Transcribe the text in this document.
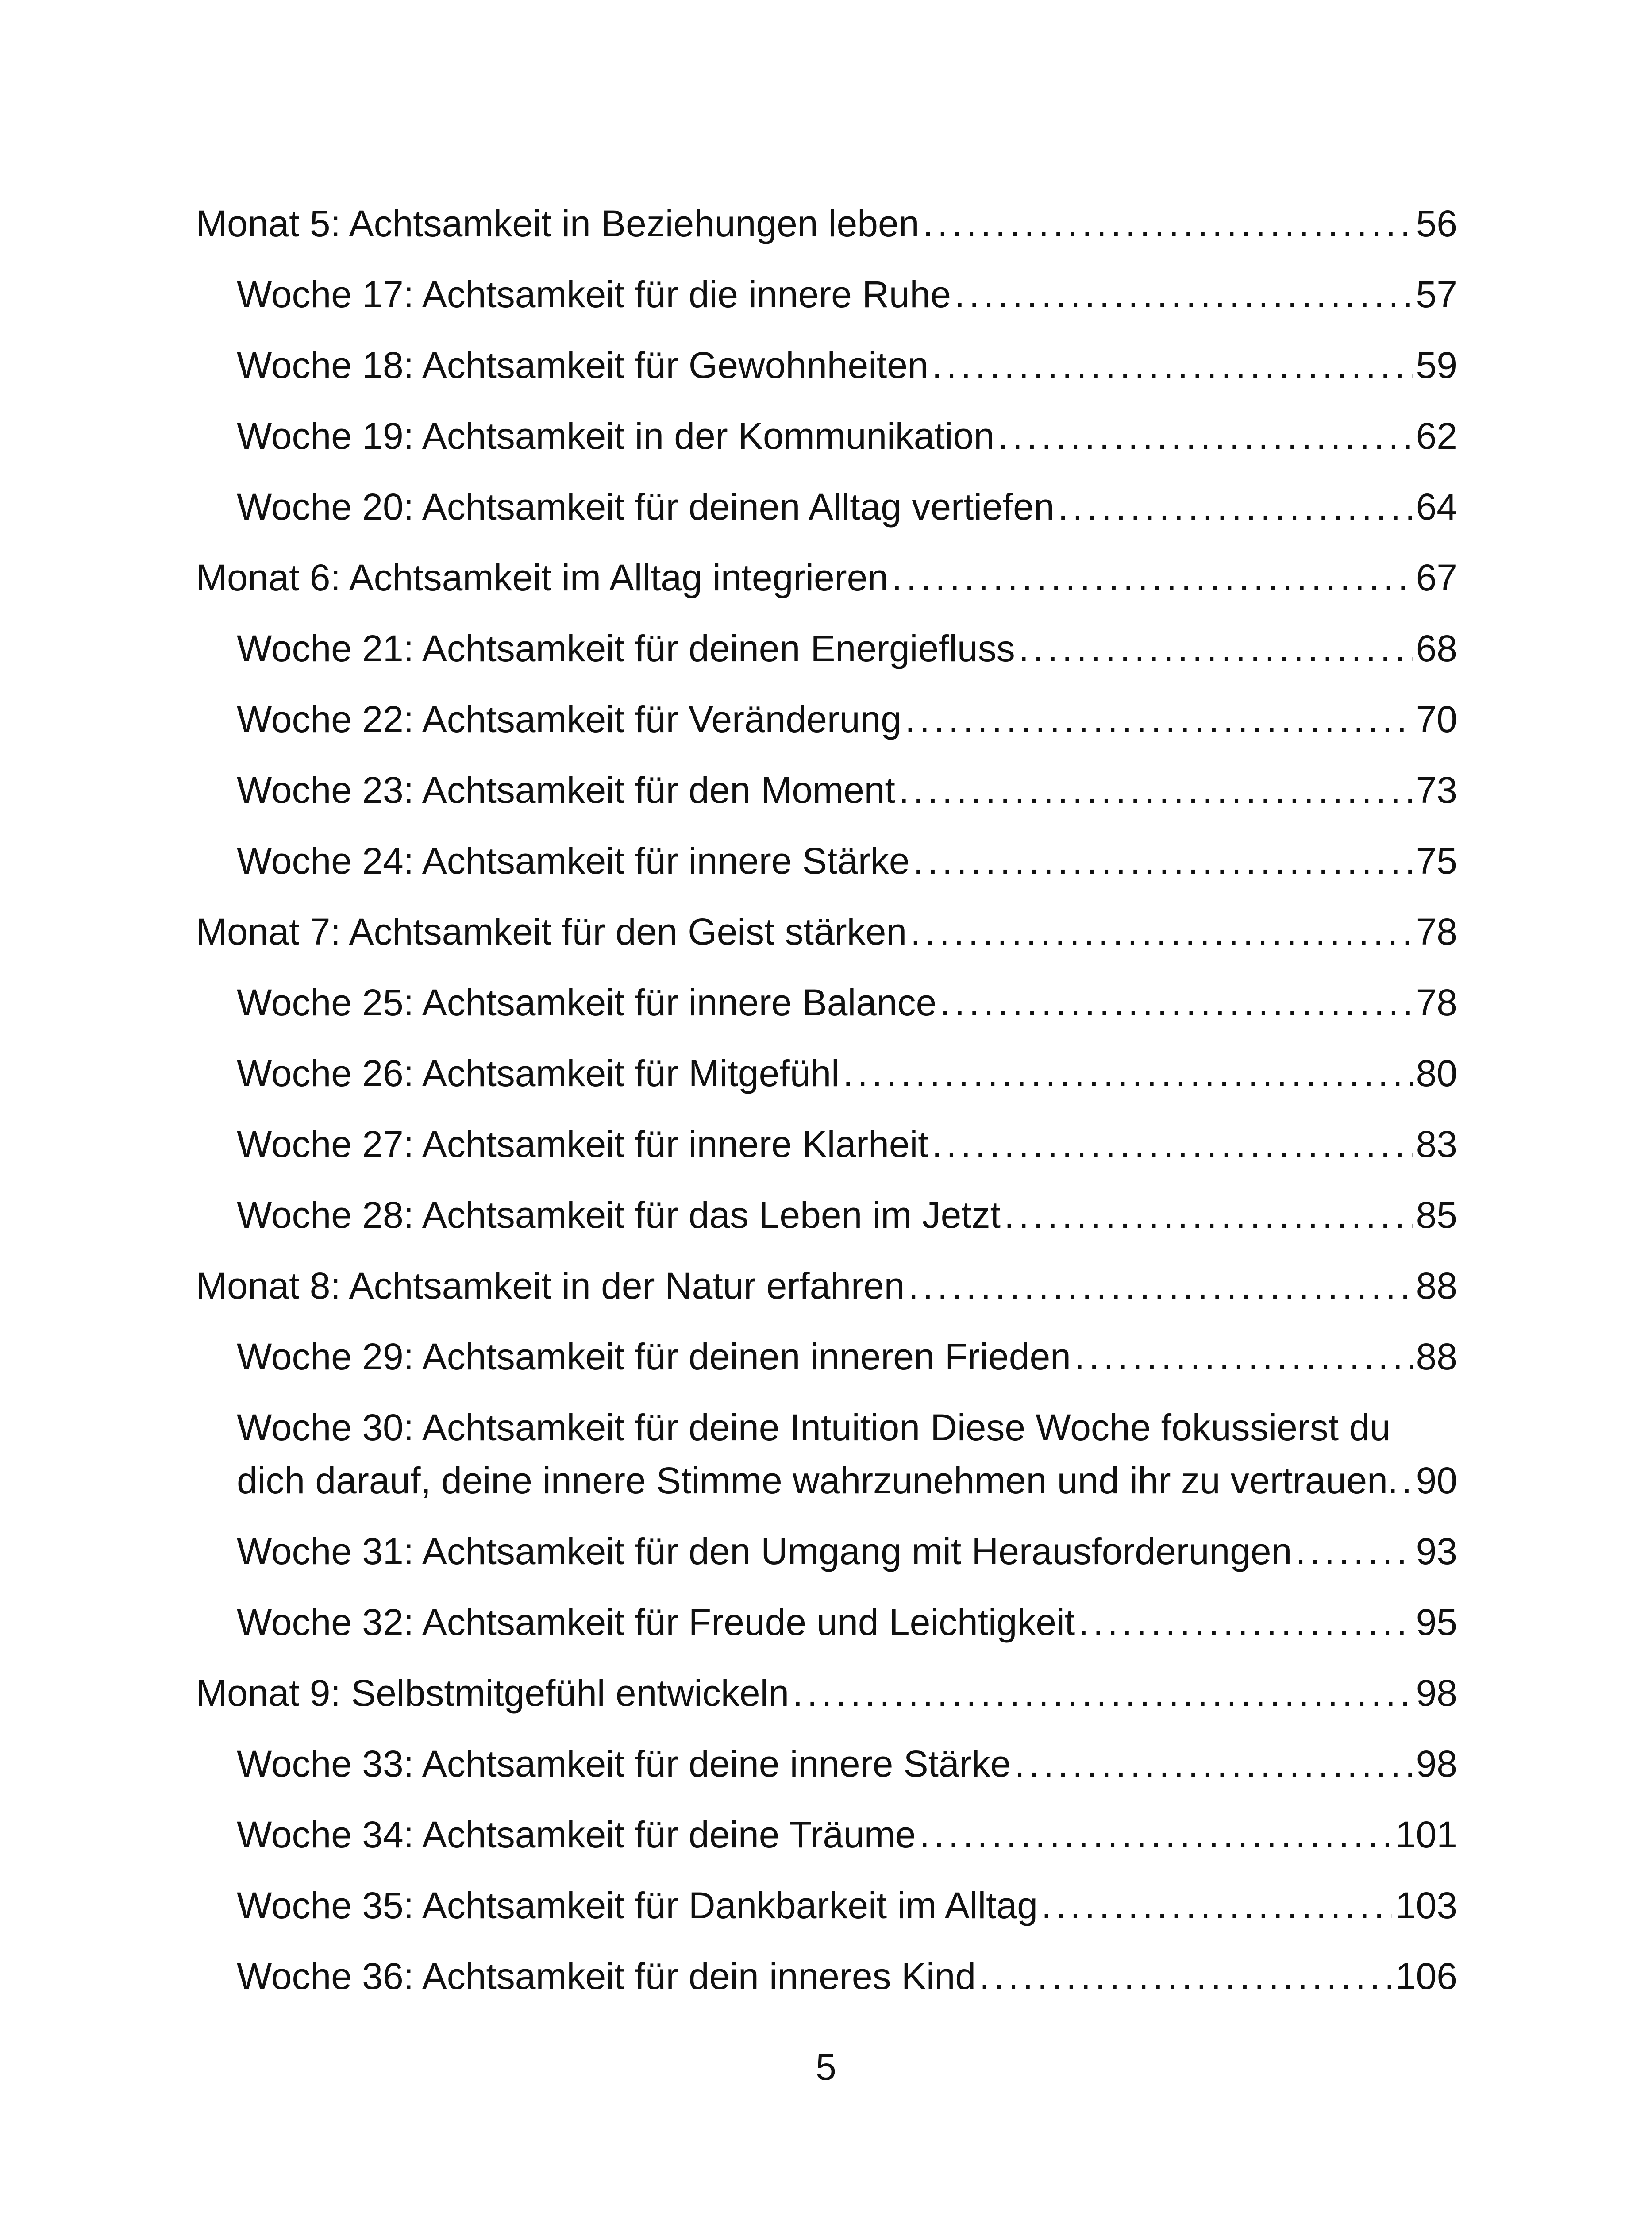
Monat 5: Achtsamkeit in Beziehungen leben . . .	56
Woche 17: Achtsamkeit für die innere Ruhe . . .	57
Woche 18: Achtsamkeit für Gewohnheiten . . .	59
Woche 19: Achtsamkeit in der Kommunikation . . .	62
Woche 20: Achtsamkeit für deinen Alltag vertiefen . . .	64
Monat 6: Achtsamkeit im Alltag integrieren . . .	67
Woche 21: Achtsamkeit für deinen Energiefluss . . .	68
Woche 22: Achtsamkeit für Veränderung . . .	70
Woche 23: Achtsamkeit für den Moment . . .	73
Woche 24: Achtsamkeit für innere Stärke . . .	75
Monat 7: Achtsamkeit für den Geist stärken . . .	78
Woche 25: Achtsamkeit für innere Balance . . .	78
Woche 26: Achtsamkeit für Mitgefühl . . .	80
Woche 27: Achtsamkeit für innere Klarheit . . .	83
Woche 28: Achtsamkeit für das Leben im Jetzt . . .	85
Monat 8: Achtsamkeit in der Natur erfahren . . .	88
Woche 29: Achtsamkeit für deinen inneren Frieden . . .	88
Woche 30: Achtsamkeit für deine Intuition Diese Woche fokussierst du
dich darauf, deine innere Stimme wahrzunehmen und ihr zu vertrauen. . . . 90
Woche 31: Achtsamkeit für den Umgang mit Herausforderungen . . .	93
Woche 32: Achtsamkeit für Freude und Leichtigkeit . . .	95
Monat 9: Selbstmitgefühl entwickeln . . .	98
Woche 33: Achtsamkeit für deine innere Stärke . . .	98
Woche 34: Achtsamkeit für deine Träume . . .	101
Woche 35: Achtsamkeit für Dankbarkeit im Alltag . . .	103
Woche 36: Achtsamkeit für dein inneres Kind . . .	106
5
